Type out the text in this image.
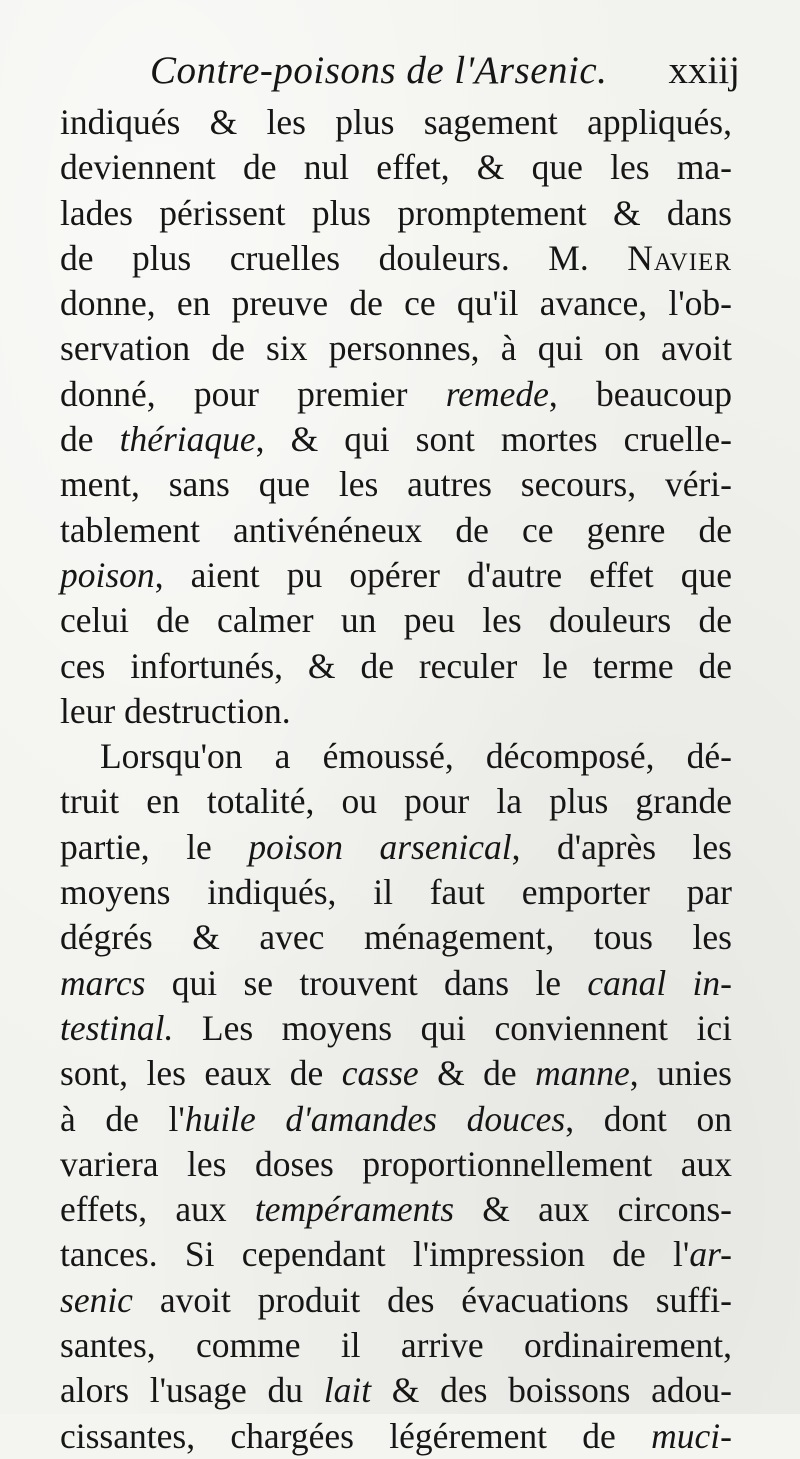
Contre-poisons de l'Arsenic. xxiij
indiqués & les plus sagement appliqués,
deviennent de nul effet, & que les ma-
lades périssent plus promptement & dans
de plus cruelles douleurs. M. Navier
donne, en preuve de ce qu'il avance, l'ob-
servation de six personnes, à qui on avoit
donné, pour premier remede, beaucoup
de thériaque, & qui sont mortes cruelle-
ment, sans que les autres secours, véri-
tablement antivénéneux de ce genre de
poison, aient pu opérer d'autre effet que
celui de calmer un peu les douleurs de
ces infortunés, & de reculer le terme de
leur destruction.
Lorsqu'on a émoussé, décomposé, dé-
truit en totalité, ou pour la plus grande
partie, le poison arsenical, d'après les
moyens indiqués, il faut emporter par
dégrés & avec ménagement, tous les
marcs qui se trouvent dans le canal in-
testinal. Les moyens qui conviennent ici
sont, les eaux de casse & de manne, unies
à de l'huile d'amandes douces, dont on
variera les doses proportionnellement aux
effets, aux tempéraments & aux circons-
tances. Si cependant l'impression de l'ar-
senic avoit produit des évacuations suffi-
santes, comme il arrive ordinairement,
alors l'usage du lait & des boissons adou-
cissantes, chargées légérement de muci-
